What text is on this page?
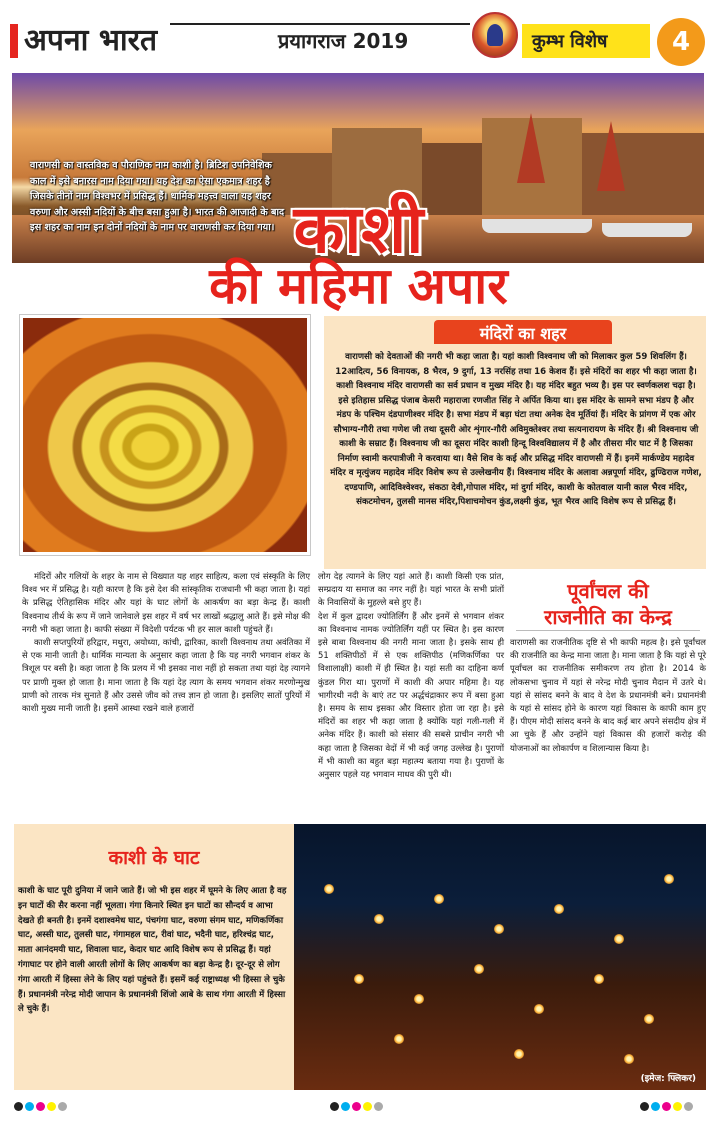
अपना भारत	प्रयागराज 2019	कुम्भ विशेष	4
वाराणसी का वास्तविक व पौराणिक नाम काशी है। ब्रिटिश उपनिवेशिक काल में इसे बनारस नाम दिया गया। यह देश का ऐसा एकमात्र शहर है जिसके तीनों नाम विश्वभर में प्रसिद्ध हैं। धार्मिक महत्त्व वाला यह शहर वरुणा और अस्सी नदियों के बीच बसा हुआ है। भारत की आजादी के बाद इस शहर का नाम इन दोनों नदियों के नाम पर वाराणसी कर दिया गया। काशी
की महिमा अपार
मंदिरों का शहर
वाराणसी को देवताओं की नगरी भी कहा जाता है। यहां काशी विश्वनाथ जी को मिलाकर कुल 59 शिवलिंग हैं। 12आदित्य, 56 विनायक, 8 भैरव, 9 दुर्गा, 13 नरसिंह तथा 16 केशव हैं। इसे मंदिरों का शहर भी कहा जाता है। काशी विश्वनाथ मंदिर वाराणसी का सर्व प्रधान व मुख्य मंदिर है। यह मंदिर बहुत भव्य है। इस पर स्वर्णकलश चढ़ा है। इसे इतिहास प्रसिद्ध पंजाब केसरी महाराजा रणजीत सिंह ने अर्पित किया था। इस मंदिर के सामने सभा मंडप है और मंडप के पश्चिम दंडपाणीश्वर मंदिर है। सभा मंडप में बड़ा घंटा तथा अनेक देव मूर्तियां हैं। मंदिर के प्रांगण में एक ओर सौभाग्य-गौरी तथा गणेश जी तथा दूसरी ओर शृंगार-गौरी अविमुक्तेश्वर तथा सत्यनारायण के मंदिर हैं। श्री विश्वनाथ जी काशी के सम्राट हैं। विश्वनाथ जी का दूसरा मंदिर काशी हिन्दू विश्वविद्यालय में है और तीसरा मीर घाट में है जिसका निर्माण स्वामी करपात्रीजी ने करवाया था। वैसे शिव के कई और प्रसिद्ध मंदिर वाराणसी में हैं। इनमें मार्कण्डेय महादेव मंदिर व मृत्युंजय महादेव मंदिर विशेष रूप से उल्लेखनीय हैं। विश्वनाथ मंदिर के अलावा अन्नपूर्णा मंदिर, ढुण्ढिराज गणेश, दण्डपाणि, आदिविश्वेश्वर, संकठा देवी,गोपाल मंदिर, मां दुर्गा मंदिर, काशी के कोतवाल यानी काल भैरव मंदिर, संकटमोचन, तुलसी मानस मंदिर,पिशाचमोचन कुंड,लक्ष्मी कुंड, भूत भैरव आदि विशेष रूप से प्रसिद्ध हैं।

मंदिरों और गलियों के शहर के नाम से विख्यात यह शहर साहित्य, कला एवं संस्कृति के लिए विश्व भर में प्रसिद्ध है। यही कारण है कि इसे देश की सांस्कृतिक राजधानी भी कहा जाता है। यहां के प्रसिद्ध ऐतिहासिक मंदिर और यहां के घाट लोगों के आकर्षण का बड़ा केन्द्र हैं। काशी विश्वनाथ तीर्थ के रूप में जाने जानेवाले इस शहर में वर्ष भर लाखों श्रद्धालु आते हैं। इसे मोक्ष की नगरी भी कहा जाता है। काफी संख्या में विदेशी पर्यटक भी हर साल काशी पहुंचते हैं।

काशी सप्तपुरियों हरिद्वार, मथुरा, अयोध्या, कांची, द्वारिका, काशी विश्वनाथ तथा अवंतिका में से एक मानी जाती है। धार्मिक मान्यता के अनुसार कहा जाता है कि यह नगरी भगवान शंकर के त्रिशूल पर बसी है। कहा जाता है कि प्रलय में भी इसका नाश नहीं हो सकता तथा यहां देह त्यागने पर प्राणी मुक्त हो जाता है। माना जाता है कि यहां देह त्याग के समय भगवान शंकर मरणोन्मुख प्राणी को तारक मंत्र सुनाते हैं और उससे जीव को तत्त्व ज्ञान हो जाता है। इसलिए सातों पुरियों में काशी मुख्य मानी जाती है। इसमें आस्था रखने वाले हजारों

लोग देह त्यागने के लिए यहां आते हैं। काशी किसी एक प्रांत, सम्प्रदाय या समाज का नगर नहीं है। यहां भारत के सभी प्रांतों के निवासियों के मुहल्ले बसे हुए हैं।

देश में कुल द्वादश ज्योतिर्लिंग हैं और इनमें से भगवान शंकर का विश्वनाथ नामक ज्योतिर्लिंग यहीं पर स्थित है। इस कारण इसे बाबा विश्वनाथ की नगरी माना जाता है। इसके साथ ही 51 शक्तिपीठों में से एक शक्तिपीठ (मणिकर्णिका पर विशालाक्षी) काशी में ही स्थित है। यहां सती का दाहिना कर्ण कुंडल गिरा था। पुराणों में काशी की अपार महिमा है। यह भागीरथी नदी के बाएं तट पर अर्द्धचंद्राकार रूप में बसा हुआ है। समय के साथ इसका और विस्तार होता जा रहा है। इसे मंदिरों का शहर भी कहा जाता है क्योंकि यहां गली-गली में अनेक मंदिर हैं। काशी को संसार की सबसे प्राचीन नगरी भी कहा जाता है जिसका वेदों में भी कई जगह उल्लेख है। पुराणों में भी काशी का बहुत बड़ा महात्म्य बताया गया है। पुराणों के अनुसार पहले यह भगवान माधव की पुरी थी।

पूर्वांचल की
राजनीति का केन्द्र
वाराणसी का राजनीतिक दृष्टि से भी काफी महत्व है। इसे पूर्वांचल की राजनीति का केन्द्र माना जाता है। माना जाता है कि यहां से पूरे पूर्वांचल का राजनीतिक समीकरण तय होता है। 2014 के लोकसभा चुनाव में यहां से नरेन्द्र मोदी चुनाव मैदान में उतरे थे। यहां से सांसद बनने के बाद वे देश के प्रधानमंत्री बने। प्रधानमंत्री के यहां से सांसद होने के कारण यहां विकास के काफी काम हुए हैं। पीएम मोदी सांसद बनने के बाद कई बार अपने संसदीय क्षेत्र में आ चुके हैं और उन्होंने यहां विकास की हजारों करोड़ की योजनाओं का लोकार्पण व शिलान्यास किया है।
काशी के घाट
काशी के घाट पूरी दुनिया में जाने जाते हैं। जो भी इस शहर में घूमने के लिए आता है वह इन घाटों की सैर करना नहीं भूलता। गंगा किनारे स्थित इन घाटों का सौन्दर्य व आभा देखते ही बनती है। इनमें दशाश्वमेध घाट, पंचगंगा घाट, वरुणा संगम घाट, मणिकर्णिका घाट, अस्सी घाट, तुलसी घाट, गंगामहल घाट, रीवां घाट, भदैनी घाट, हरिश्चंद्र घाट, माता आनंदमयी घाट, शिवाला घाट, केदार घाट आदि विशेष रूप से प्रसिद्ध हैं। यहां गंगाघाट पर होने वाली आरती लोगों के लिए आकर्षण का बड़ा केन्द्र है। दूर-दूर से लोग गंगा आरती में हिस्सा लेने के लिए यहां पहुंचते हैं। इसमें कई राष्ट्राध्यक्ष भी हिस्सा ले चुके हैं। प्रधानमंत्री नरेन्द्र मोदी जापान के प्रधानमंत्री शिंजो आबे के साथ गंगा आरती में हिस्सा ले चुके हैं।
(इमेज: फ्लिकर)
